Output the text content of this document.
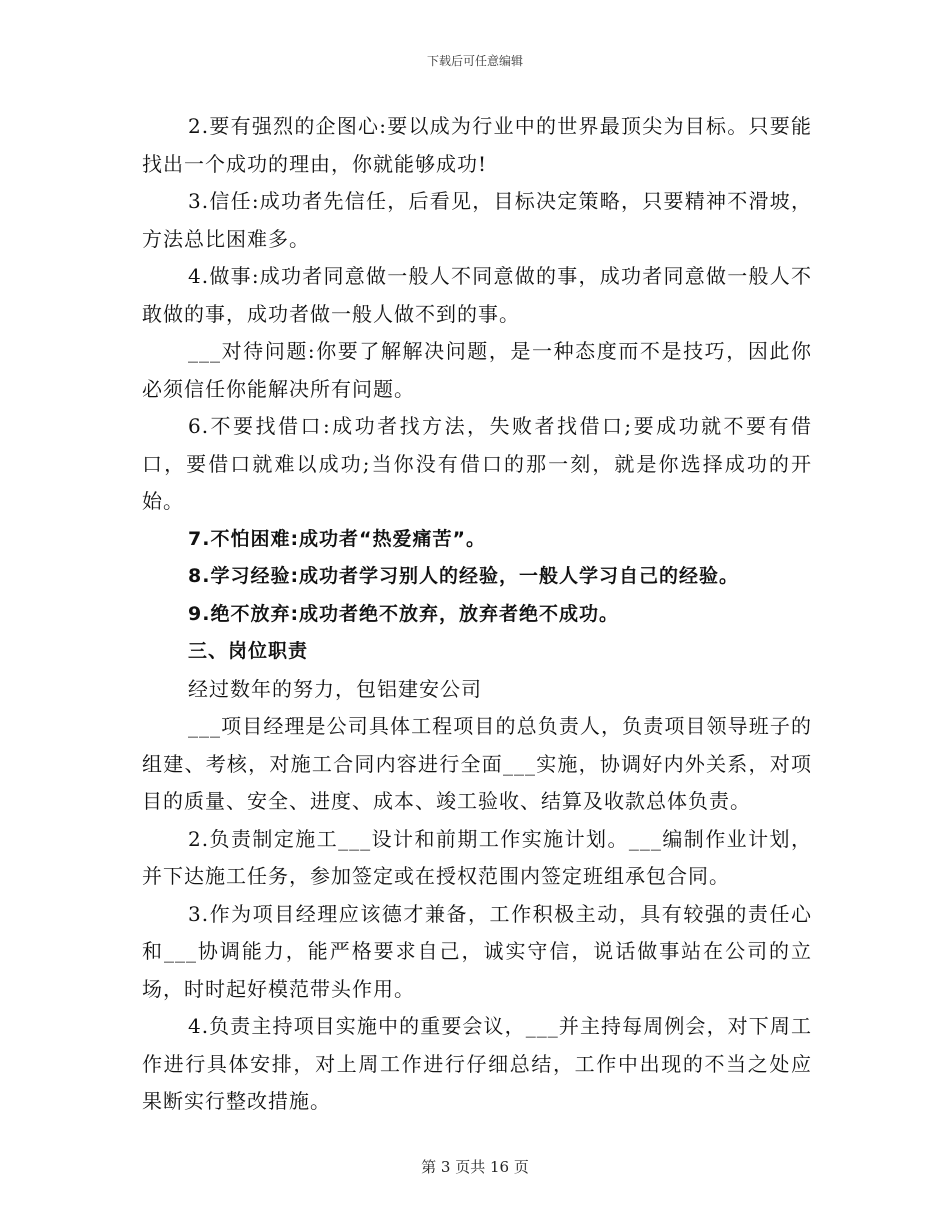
下载后可任意编辑

2.要有强烈的企图心:要以成为行业中的世界最顶尖为目标。只要能找出一个成功的理由，你就能够成功!

3.信任:成功者先信任，后看见，目标决定策略，只要精神不滑坡，方法总比困难多。

4.做事:成功者同意做一般人不同意做的事，成功者同意做一般人不敢做的事，成功者做一般人做不到的事。

___对待问题:你要了解解决问题，是一种态度而不是技巧，因此你必须信任你能解决所有问题。

6.不要找借口:成功者找方法，失败者找借口;要成功就不要有借口，要借口就难以成功;当你没有借口的那一刻，就是你选择成功的开始。

7.不怕困难:成功者“热爱痛苦”。

8.学习经验:成功者学习别人的经验，一般人学习自己的经验。

9.绝不放弃:成功者绝不放弃，放弃者绝不成功。

三、岗位职责

经过数年的努力，包铝建安公司

___项目经理是公司具体工程项目的总负责人，负责项目领导班子的组建、考核，对施工合同内容进行全面___实施，协调好内外关系，对项目的质量、安全、进度、成本、竣工验收、结算及收款总体负责。

2.负责制定施工___设计和前期工作实施计划。___编制作业计划，并下达施工任务，参加签定或在授权范围内签定班组承包合同。

3.作为项目经理应该德才兼备，工作积极主动，具有较强的责任心和___协调能力，能严格要求自己，诚实守信，说话做事站在公司的立场，时时起好模范带头作用。

4.负责主持项目实施中的重要会议，___并主持每周例会，对下周工作进行具体安排，对上周工作进行仔细总结，工作中出现的不当之处应果断实行整改措施。

第 3 页共 16 页
